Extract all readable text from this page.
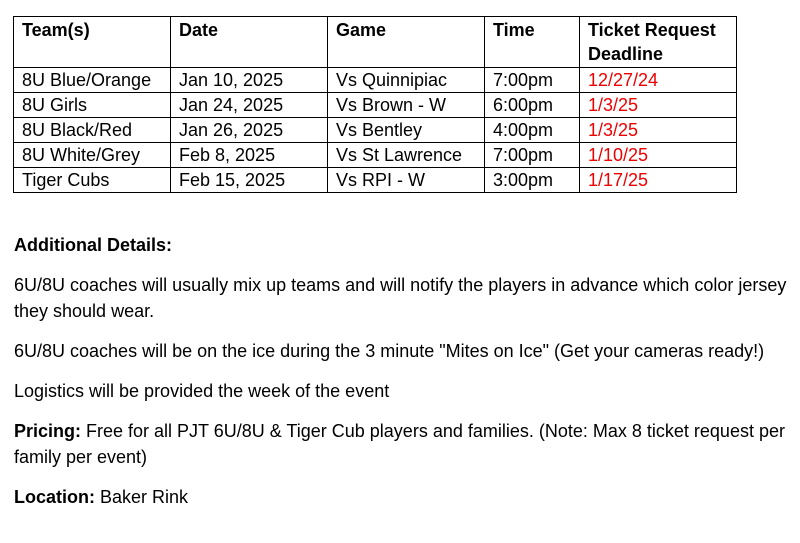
Team(s)	Date	Game	Time	Ticket Request
Deadline
8U Blue/Orange	Jan 10, 2025	Vs Quinnipiac	7:00pm	12/27/24
8U Girls	Jan 24, 2025	Vs Brown - W	6:00pm	1/3/25
8U Black/Red	Jan 26, 2025	Vs Bentley	4:00pm	1/3/25
8U White/Grey	Feb 8, 2025	Vs St Lawrence	7:00pm	1/10/25
Tiger Cubs	Feb 15, 2025	Vs RPI - W	3:00pm	1/17/25

Additional Details:

6U/8U coaches will usually mix up teams and will notify the players in advance which color jersey they should wear.

6U/8U coaches will be on the ice during the 3 minute "Mites on Ice" (Get your cameras ready!)

Logistics will be provided the week of the event

Pricing: Free for all PJT 6U/8U & Tiger Cub players and families. (Note: Max 8 ticket request per family per event)

Location: Baker Rink
